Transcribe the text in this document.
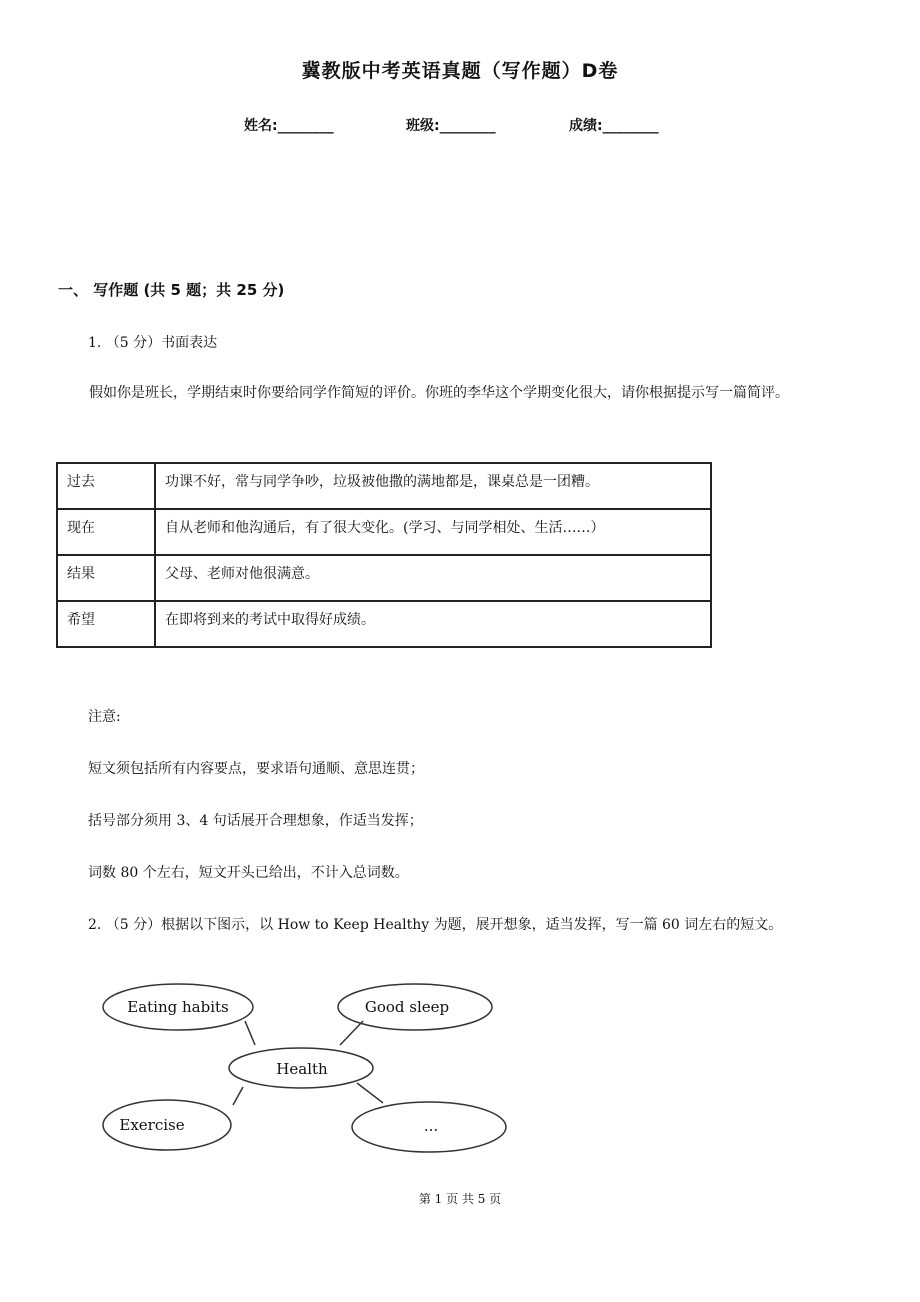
冀教版中考英语真题（写作题）D卷
姓名:________	班级:________	成绩:________
一、 写作题 (共 5 题；共 25 分)
1. （5 分）书面表达

假如你是班长，学期结束时你要给同学作简短的评价。你班的李华这个学期变化很大，请你根据提示写一篇简评。

过去	功课不好，常与同学争吵，垃圾被他撒的满地都是，课桌总是一团糟。
现在	自从老师和他沟通后，有了很大变化。(学习、与同学相处、生活……）
结果	父母、老师对他很满意。
希望	在即将到来的考试中取得好成绩。
注意:
短文须包括所有内容要点，要求语句通顺、意思连贯；
括号部分须用 3、4 句话展开合理想象，作适当发挥；
词数 80 个左右，短文开头已给出，不计入总词数。
2. （5 分）根据以下图示，以 How to Keep Healthy 为题，展开想象，适当发挥，写一篇 60 词左右的短文。
Eating habits	Good sleep
Health
Exercise	...
第 1 页 共 5 页
